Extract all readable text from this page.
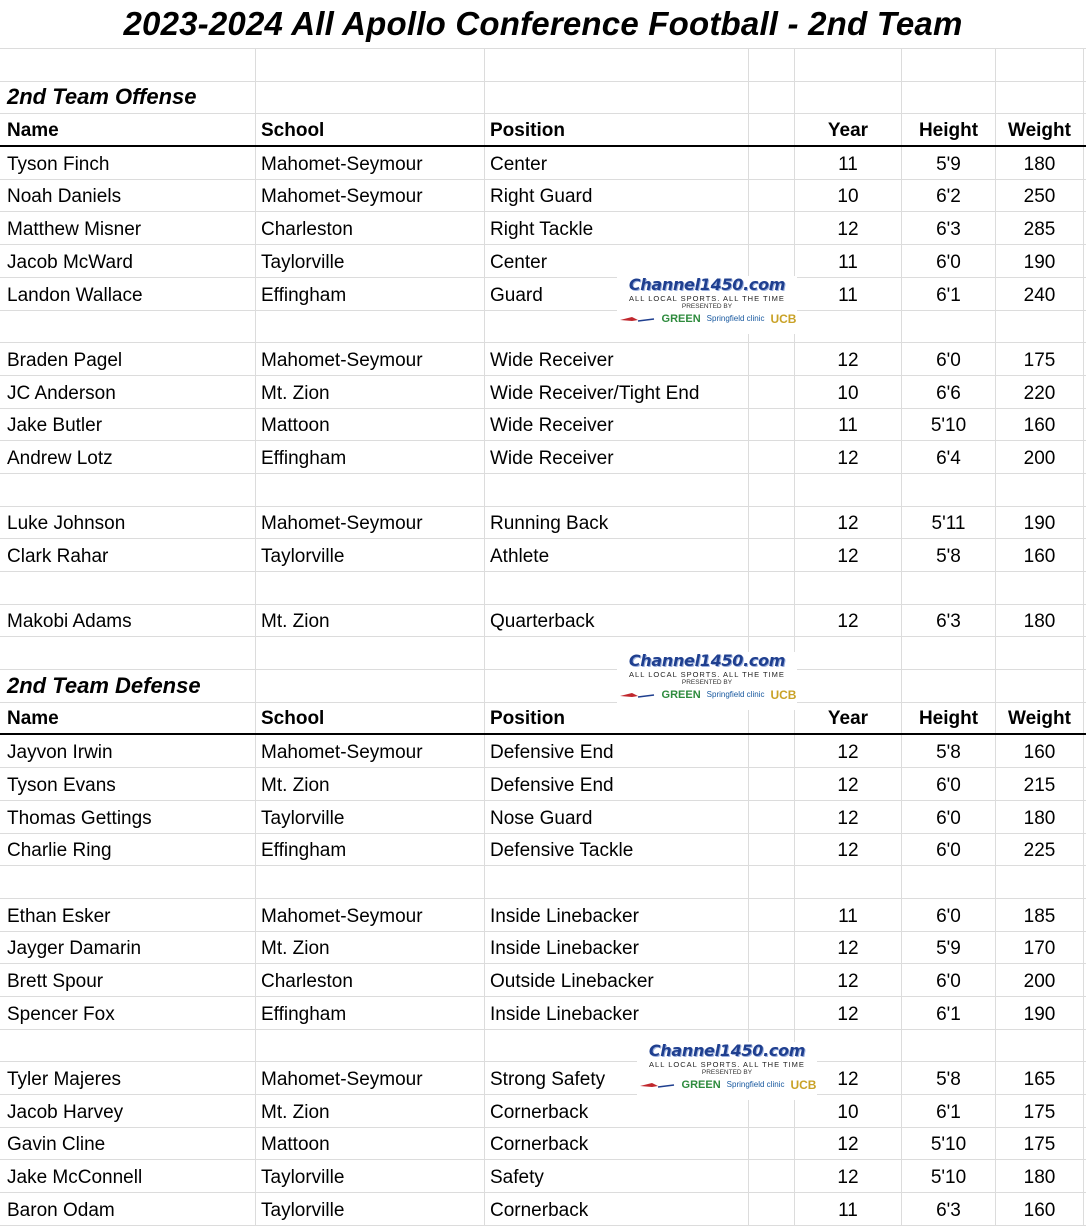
2023-2024 All Apollo Conference Football - 2nd Team
2nd Team Offense
Name	School	Position	Year	Height	Weight
Tyson Finch	Mahomet-Seymour	Center	11	5'9	180
Noah Daniels	Mahomet-Seymour	Right Guard	10	6'2	250
Matthew Misner	Charleston	Right Tackle	12	6'3	285
Jacob McWard	Taylorville	Center	11	6'0	190
Landon Wallace	Effingham	Guard	11	6'1	240
Braden Pagel	Mahomet-Seymour	Wide Receiver	12	6'0	175
JC Anderson	Mt. Zion	Wide Receiver/Tight End	10	6'6	220
Jake Butler	Mattoon	Wide Receiver	11	5'10	160
Andrew Lotz	Effingham	Wide Receiver	12	6'4	200
Luke Johnson	Mahomet-Seymour	Running Back	12	5'11	190
Clark Rahar	Taylorville	Athlete	12	5'8	160
Makobi Adams	Mt. Zion	Quarterback	12	6'3	180
2nd Team Defense
Name	School	Position	Year	Height	Weight
Jayvon Irwin	Mahomet-Seymour	Defensive End	12	5'8	160
Tyson Evans	Mt. Zion	Defensive End	12	6'0	215
Thomas Gettings	Taylorville	Nose Guard	12	6'0	180
Charlie Ring	Effingham	Defensive Tackle	12	6'0	225
Ethan Esker	Mahomet-Seymour	Inside Linebacker	11	6'0	185
Jayger Damarin	Mt. Zion	Inside Linebacker	12	5'9	170
Brett Spour	Charleston	Outside Linebacker	12	6'0	200
Spencer Fox	Effingham	Inside Linebacker	12	6'1	190
Tyler Majeres	Mahomet-Seymour	Strong Safety	12	5'8	165
Jacob Harvey	Mt. Zion	Cornerback	10	6'1	175
Gavin Cline	Mattoon	Cornerback	12	5'10	175
Jake McConnell	Taylorville	Safety	12	5'10	180
Baron Odam	Taylorville	Cornerback	11	6'3	160
Channel1450.com
ALL LOCAL SPORTS. ALL THE TIME
PRESENTED BY
GREEN Springfield clinic UCB
Channel1450.com
ALL LOCAL SPORTS. ALL THE TIME
PRESENTED BY
GREEN Springfield clinic UCB
Channel1450.com
ALL LOCAL SPORTS. ALL THE TIME
PRESENTED BY
GREEN Springfield clinic UCB
